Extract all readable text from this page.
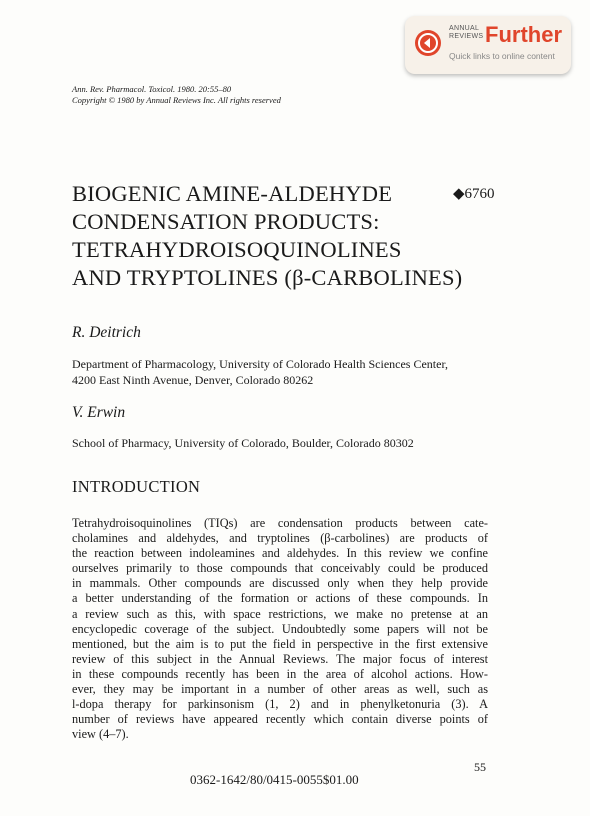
ANNUAL
REVIEWS Further
Quick links to online content
Ann. Rev. Pharmacol. Toxicol. 1980. 20:55–80
Copyright © 1980 by Annual Reviews Inc. All rights reserved
BIOGENIC AMINE-ALDEHYDE
CONDENSATION PRODUCTS:
TETRAHYDROISOQUINOLINES
AND TRYPTOLINES (β-CARBOLINES)
◆6760
R. Deitrich
Department of Pharmacology, University of Colorado Health Sciences Center,
4200 East Ninth Avenue, Denver, Colorado 80262
V. Erwin
School of Pharmacy, University of Colorado, Boulder, Colorado 80302
INTRODUCTION
Tetrahydroisoquinolines (TIQs) are condensation products between cate-
cholamines and aldehydes, and tryptolines (β-carbolines) are products of
the reaction between indoleamines and aldehydes. In this review we confine
ourselves primarily to those compounds that conceivably could be produced
in mammals. Other compounds are discussed only when they help provide
a better understanding of the formation or actions of these compounds. In
a review such as this, with space restrictions, we make no pretense at an
encyclopedic coverage of the subject. Undoubtedly some papers will not be
mentioned, but the aim is to put the field in perspective in the first extensive
review of this subject in the Annual Reviews. The major focus of interest
in these compounds recently has been in the area of alcohol actions. How-
ever, they may be important in a number of other areas as well, such as
l-dopa therapy for parkinsonism (1, 2) and in phenylketonuria (3). A
number of reviews have appeared recently which contain diverse points of
view (4–7).
55
0362-1642/80/0415-0055$01.00
